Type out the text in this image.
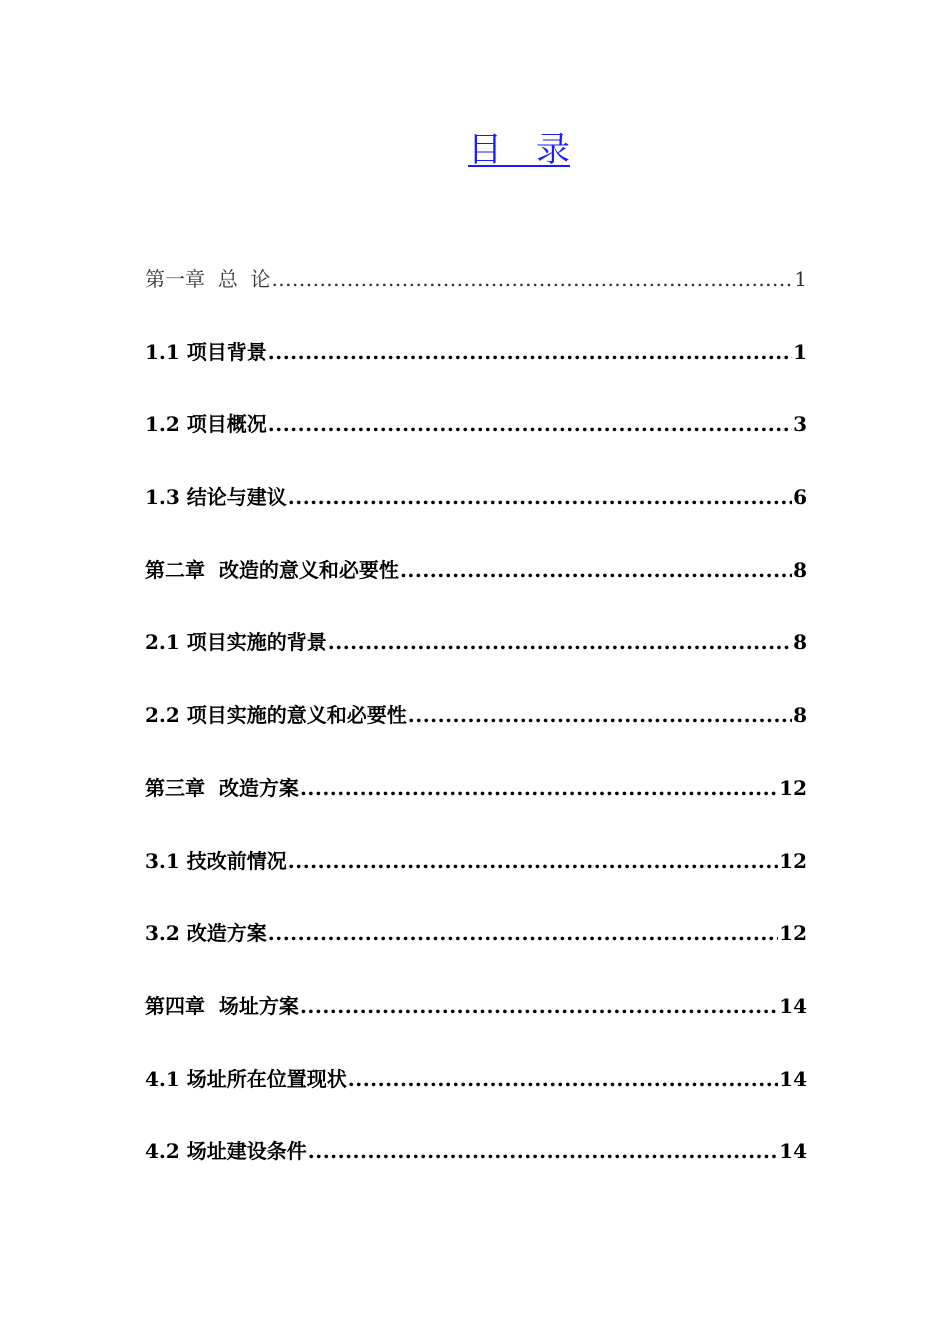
目　录
第一章  总  论 .....	1
1.1 项目背景 .....	1
1.2 项目概况 .....	3
1.3 结论与建议 .....	6
第二章  改造的意义和必要性 .....	8
2.1 项目实施的背景 .....	8
2.2 项目实施的意义和必要性 .....	8
第三章  改造方案 .....	12
3.1 技改前情况 .....	12
3.2 改造方案 .....	12
第四章  场址方案 .....	14
4.1 场址所在位置现状 .....	14
4.2 场址建设条件 .....	14
